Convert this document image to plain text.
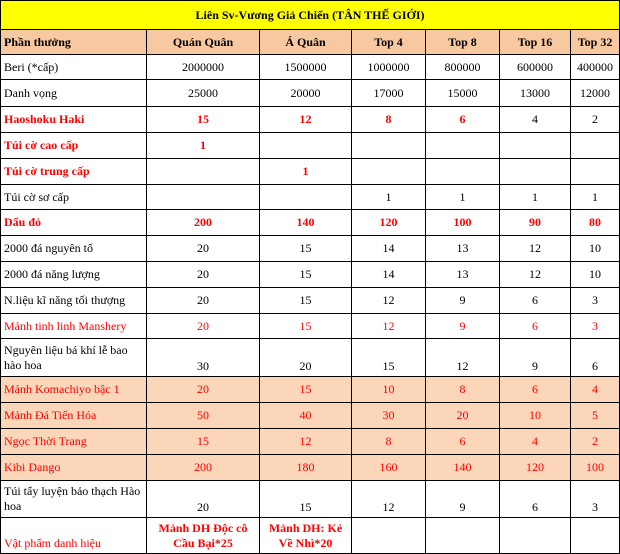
Liên Sv-Vương Giả Chiến (TÂN THẾ GIỚI)						
Phần thưởng	Quán Quân	Á Quân	Top 4	Top 8	Top 16	Top 32
Beri (*cấp)	2000000	1500000	1000000	800000	600000	400000
Danh vọng	25000	20000	17000	15000	13000	12000
Haoshoku Haki	15	12	8	6	4	2
Túi cờ cao cấp	1					
Túi cờ trung cấp		1				
Túi cờ sơ cấp			1	1	1	1
Dấu đỏ	200	140	120	100	90	80
2000 đá nguyên tố	20	15	14	13	12	10
2000 đá năng lượng	20	15	14	13	12	10
N.liệu kĩ năng tối thượng	20	15	12	9	6	3
Mảnh tinh linh Manshery	20	15	12	9	6	3
Nguyên liệu bá khí lễ bao hào hoa	30	20	15	12	9	6
Mảnh Komachiyo bậc 1	20	15	10	8	6	4
Mảnh Đá Tiến Hóa	50	40	30	20	10	5
Ngọc Thời Trang	15	12	8	6	4	2
Kibi Dango	200	180	160	140	120	100
Túi tẩy luyện bảo thạch Hào hoa	20	15	12	9	6	3
Vật phẩm danh hiệu	Mảnh DH Độc cô Cầu Bại*25	Mảnh DH: Kẻ Về Nhì*20				
